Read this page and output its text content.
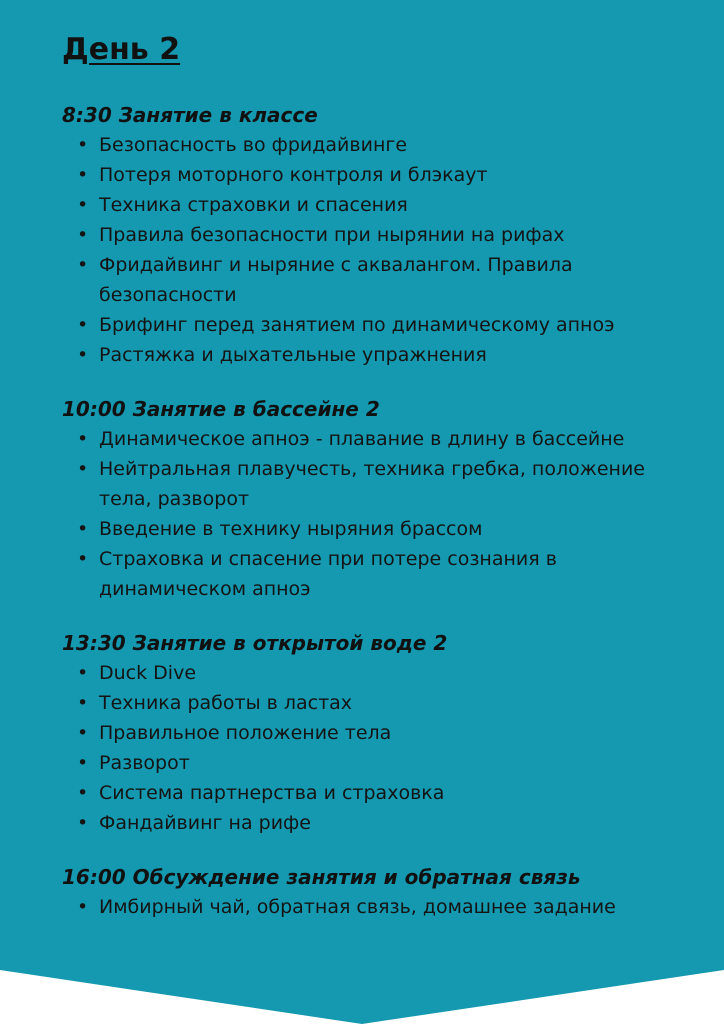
День 2
8:30 Занятие в классе
• Безопасность во фридайвинге
• Потеря моторного контроля и блэкаут
• Техника страховки и спасения
• Правила безопасности при нырянии на рифах
• Фридайвинг и ныряние с аквалангом. Правила безопасности
• Брифинг перед занятием по динамическому апноэ
• Растяжка и дыхательные упражнения
10:00 Занятие в бассейне 2
• Динамическое апноэ - плавание в длину в бассейне
• Нейтральная плавучесть, техника гребка, положение тела, разворот
• Введение в технику ныряния брассом
• Страховка и спасение при потере сознания в динамическом апноэ
13:30 Занятие в открытой воде 2
• Duck Dive
• Техника работы в ластах
• Правильное положение тела
• Разворот
• Система партнерства и страховка
• Фандайвинг на рифе
16:00 Обсуждение занятия и обратная связь
• Имбирный чай, обратная связь, домашнее задание
